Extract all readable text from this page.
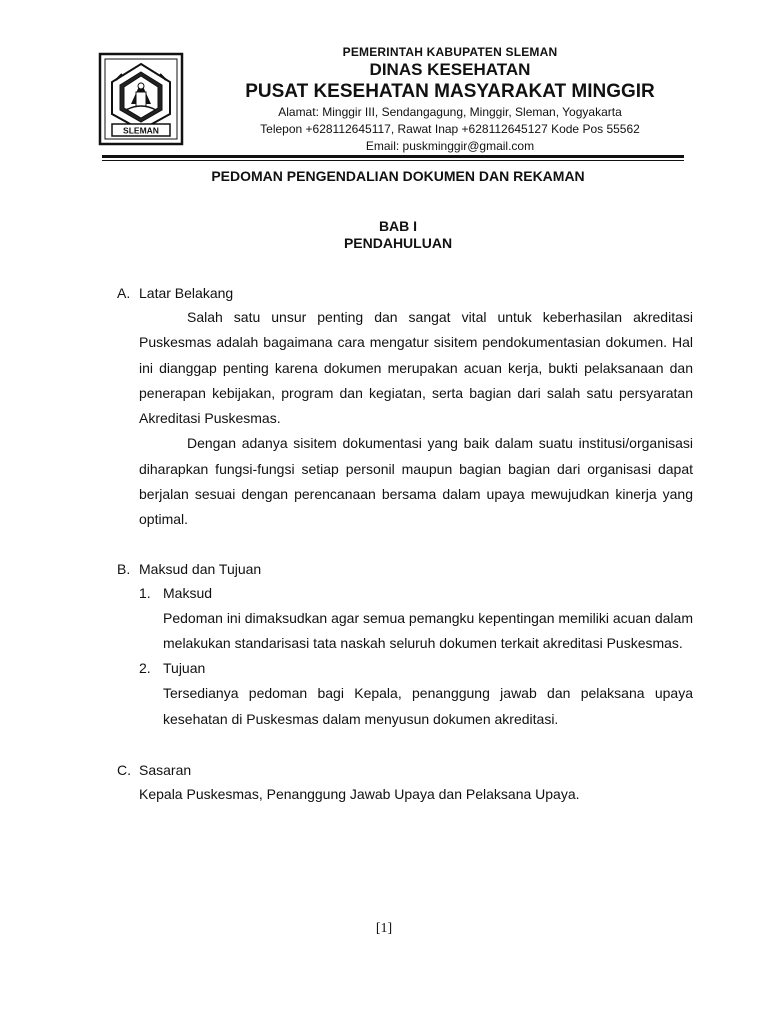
SLEMAN
PEMERINTAH KABUPATEN SLEMAN
DINAS KESEHATAN
PUSAT KESEHATAN MASYARAKAT MINGGIR
Alamat: Minggir III, Sendangagung, Minggir, Sleman, Yogyakarta
Telepon +628112645117, Rawat Inap +628112645127 Kode Pos 55562
Email: puskminggir@gmail.com
PEDOMAN PENGENDALIAN DOKUMEN DAN REKAMAN
BAB I
PENDAHULUAN
A. Latar Belakang
Salah satu unsur penting dan sangat vital untuk keberhasilan akreditasi Puskesmas adalah bagaimana cara mengatur sisitem pendokumentasian dokumen. Hal ini dianggap penting karena dokumen merupakan acuan kerja, bukti pelaksanaan dan penerapan kebijakan, program dan kegiatan, serta bagian dari salah satu persyaratan Akreditasi Puskesmas.
Dengan adanya sisitem dokumentasi yang baik dalam suatu institusi/organisasi diharapkan fungsi-fungsi setiap personil maupun bagian bagian dari organisasi dapat berjalan sesuai dengan perencanaan bersama dalam upaya mewujudkan kinerja yang optimal.
B. Maksud dan Tujuan
1. Maksud
Pedoman ini dimaksudkan agar semua pemangku kepentingan memiliki acuan dalam melakukan standarisasi tata naskah seluruh dokumen terkait akreditasi Puskesmas.
2. Tujuan
Tersedianya pedoman bagi Kepala, penanggung jawab dan pelaksana upaya kesehatan di Puskesmas dalam menyusun dokumen akreditasi.
C. Sasaran
Kepala Puskesmas, Penanggung Jawab Upaya dan Pelaksana Upaya.
[1]
